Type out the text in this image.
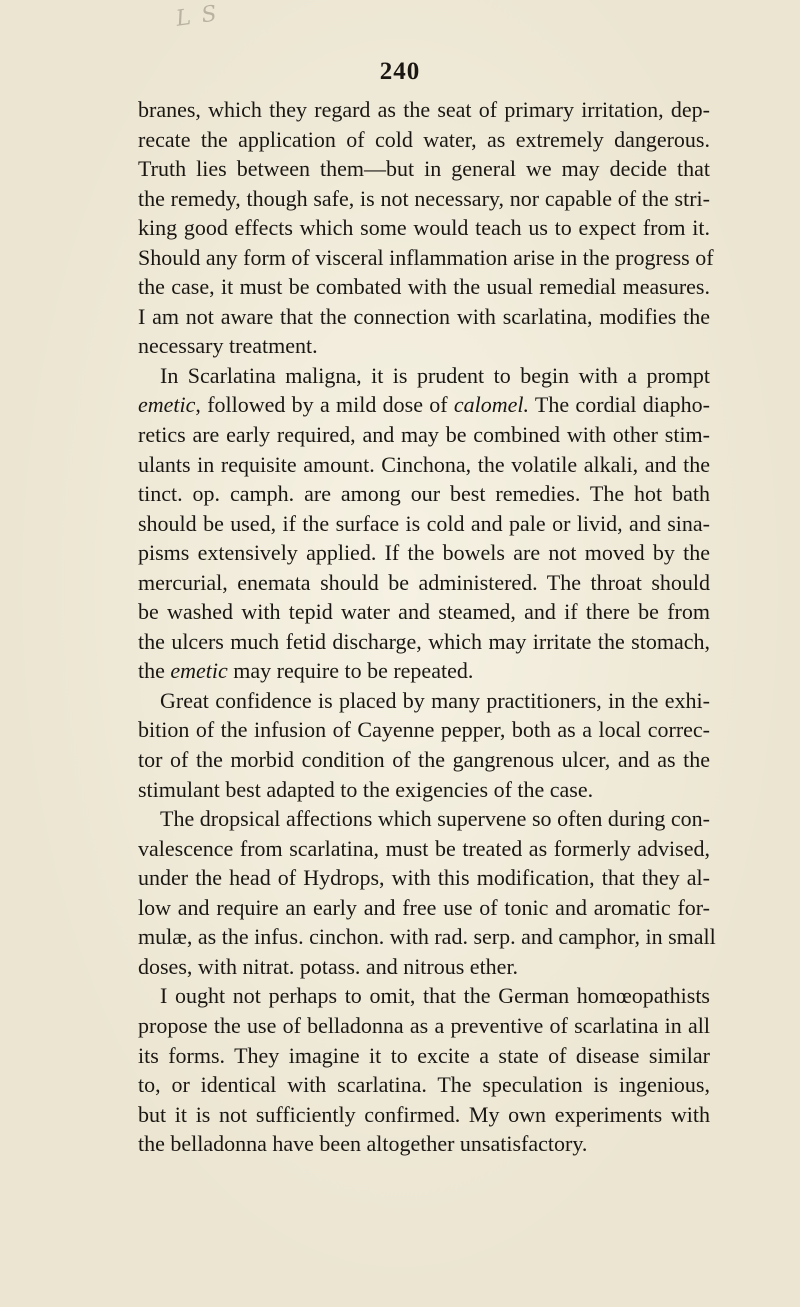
L S
240
branes, which they regard as the seat of primary irritation, dep-
recate the application of cold water, as extremely dangerous.
Truth lies between them—but in general we may decide that
the remedy, though safe, is not necessary, nor capable of the stri-
king good effects which some would teach us to expect from it.
Should any form of visceral inflammation arise in the progress of
the case, it must be combated with the usual remedial measures.
I am not aware that the connection with scarlatina, modifies the
necessary treatment.
In Scarlatina maligna, it is prudent to begin with a prompt
emetic, followed by a mild dose of calomel. The cordial diapho-
retics are early required, and may be combined with other stim-
ulants in requisite amount. Cinchona, the volatile alkali, and the
tinct. op. camph. are among our best remedies. The hot bath
should be used, if the surface is cold and pale or livid, and sina-
pisms extensively applied. If the bowels are not moved by the
mercurial, enemata should be administered. The throat should
be washed with tepid water and steamed, and if there be from
the ulcers much fetid discharge, which may irritate the stomach,
the emetic may require to be repeated.
Great confidence is placed by many practitioners, in the exhi-
bition of the infusion of Cayenne pepper, both as a local correc-
tor of the morbid condition of the gangrenous ulcer, and as the
stimulant best adapted to the exigencies of the case.
The dropsical affections which supervene so often during con-
valescence from scarlatina, must be treated as formerly advised,
under the head of Hydrops, with this modification, that they al-
low and require an early and free use of tonic and aromatic for-
mulæ, as the infus. cinchon. with rad. serp. and camphor, in small
doses, with nitrat. potass. and nitrous ether.
I ought not perhaps to omit, that the German homœopathists
propose the use of belladonna as a preventive of scarlatina in all
its forms. They imagine it to excite a state of disease similar
to, or identical with scarlatina. The speculation is ingenious,
but it is not sufficiently confirmed. My own experiments with
the belladonna have been altogether unsatisfactory.
